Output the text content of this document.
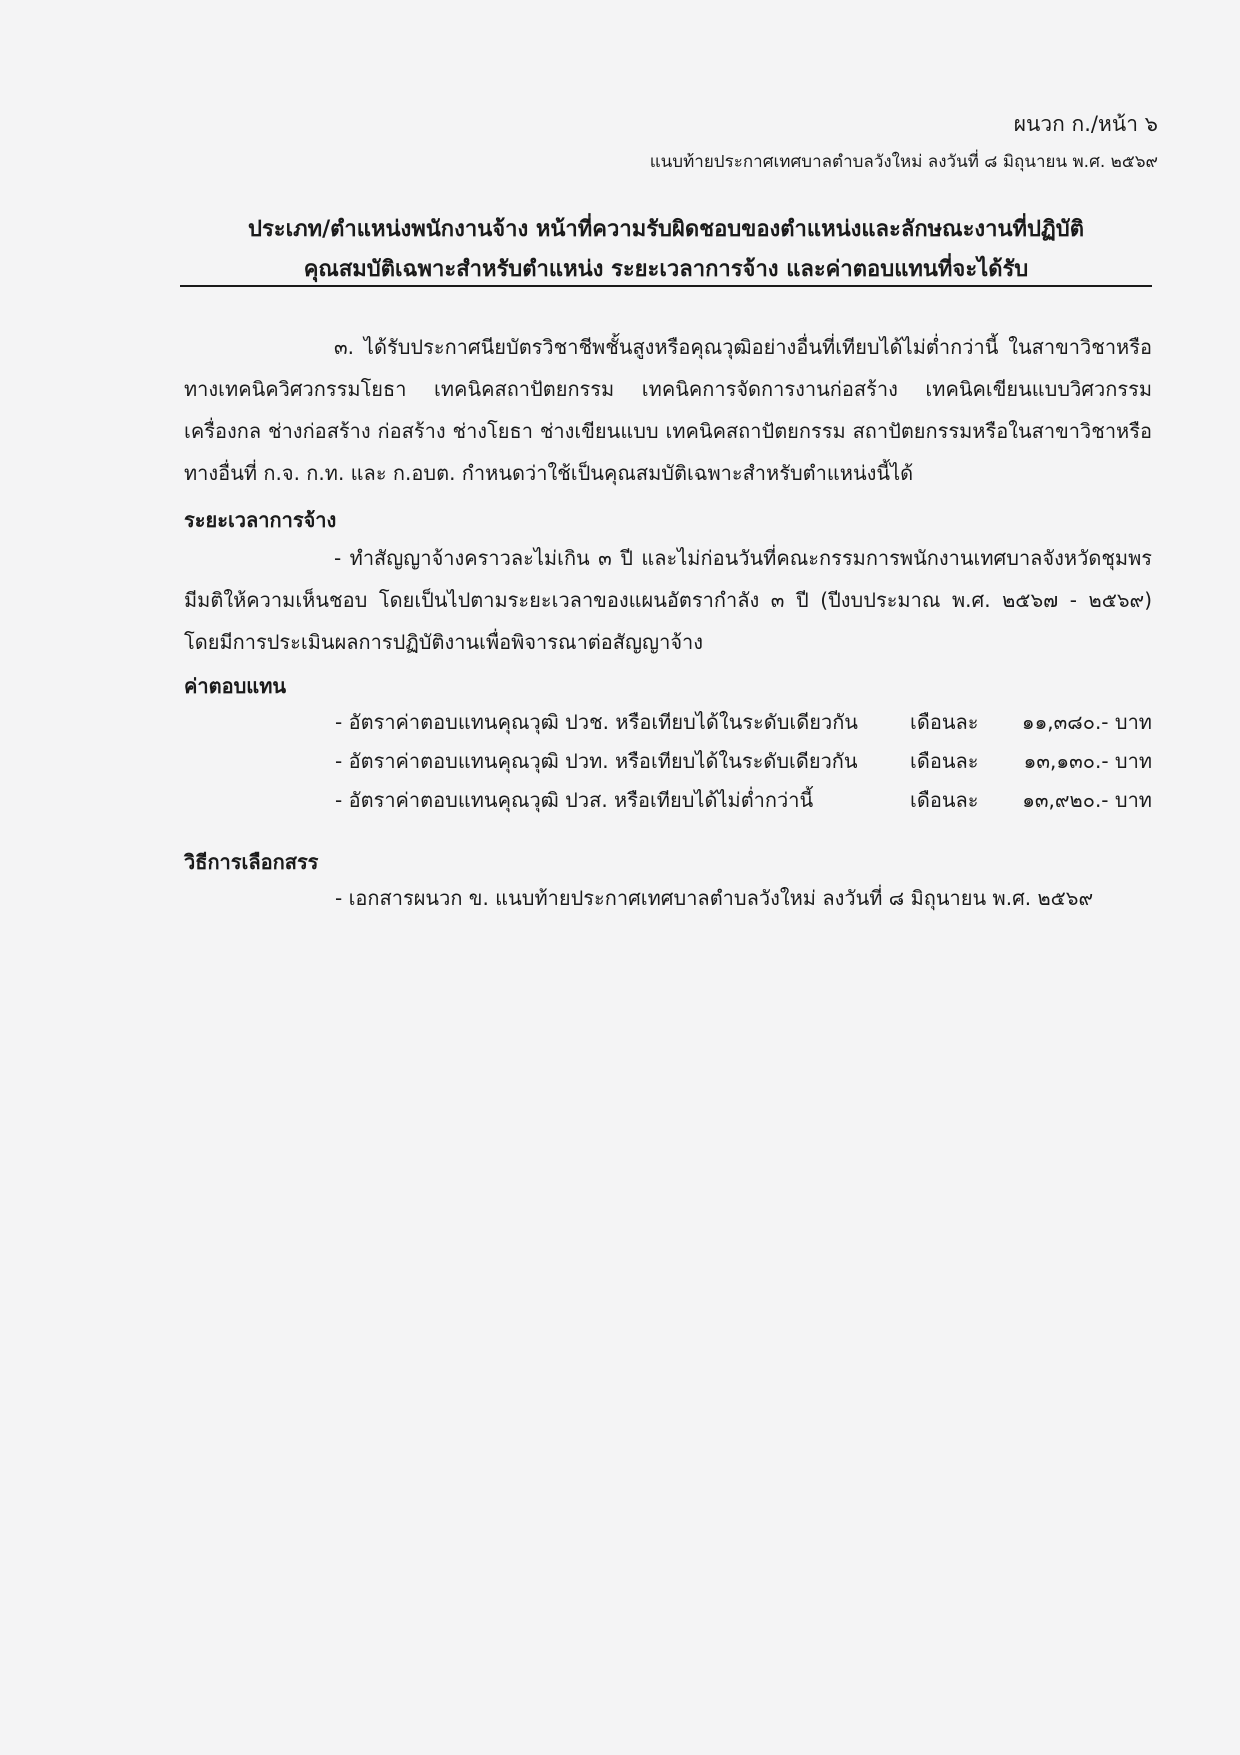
ผนวก ก./หน้า ๖
แนบท้ายประกาศเทศบาลตำบลวังใหม่ ลงวันที่ ๘ มิถุนายน พ.ศ. ๒๕๖๙
ประเภท/ตำแหน่งพนักงานจ้าง หน้าที่ความรับผิดชอบของตำแหน่งและลักษณะงานที่ปฏิบัติ
คุณสมบัติเฉพาะสำหรับตำแหน่ง ระยะเวลาการจ้าง และค่าตอบแทนที่จะได้รับ
๓. ได้รับประกาศนียบัตรวิชาชีพชั้นสูงหรือคุณวุฒิอย่างอื่นที่เทียบได้ไม่ต่ำกว่านี้ ในสาขาวิชาหรือทางเทคนิควิศวกรรมโยธา เทคนิคสถาปัตยกรรม เทคนิคการจัดการงานก่อสร้าง เทคนิคเขียนแบบวิศวกรรมเครื่องกล ช่างก่อสร้าง ก่อสร้าง ช่างโยธา ช่างเขียนแบบ เทคนิคสถาปัตยกรรม สถาปัตยกรรมหรือในสาขาวิชาหรือทางอื่นที่ ก.จ. ก.ท. และ ก.อบต. กำหนดว่าใช้เป็นคุณสมบัติเฉพาะสำหรับตำแหน่งนี้ได้
ระยะเวลาการจ้าง
- ทำสัญญาจ้างคราวละไม่เกิน ๓ ปี และไม่ก่อนวันที่คณะกรรมการพนักงานเทศบาลจังหวัดชุมพรมีมติให้ความเห็นชอบ โดยเป็นไปตามระยะเวลาของแผนอัตรากำลัง ๓ ปี (ปีงบประมาณ พ.ศ. ๒๕๖๗ - ๒๕๖๙) โดยมีการประเมินผลการปฏิบัติงานเพื่อพิจารณาต่อสัญญาจ้าง
ค่าตอบแทน
- อัตราค่าตอบแทนคุณวุฒิ ปวช. หรือเทียบได้ในระดับเดียวกัน	เดือนละ ๑๑,๓๘๐.- บาท
- อัตราค่าตอบแทนคุณวุฒิ ปวท. หรือเทียบได้ในระดับเดียวกัน	เดือนละ ๑๓,๑๓๐.- บาท
- อัตราค่าตอบแทนคุณวุฒิ ปวส. หรือเทียบได้ไม่ต่ำกว่านี้	เดือนละ ๑๓,๙๒๐.- บาท
วิธีการเลือกสรร
- เอกสารผนวก ข. แนบท้ายประกาศเทศบาลตำบลวังใหม่ ลงวันที่ ๘ มิถุนายน พ.ศ. ๒๕๖๙
